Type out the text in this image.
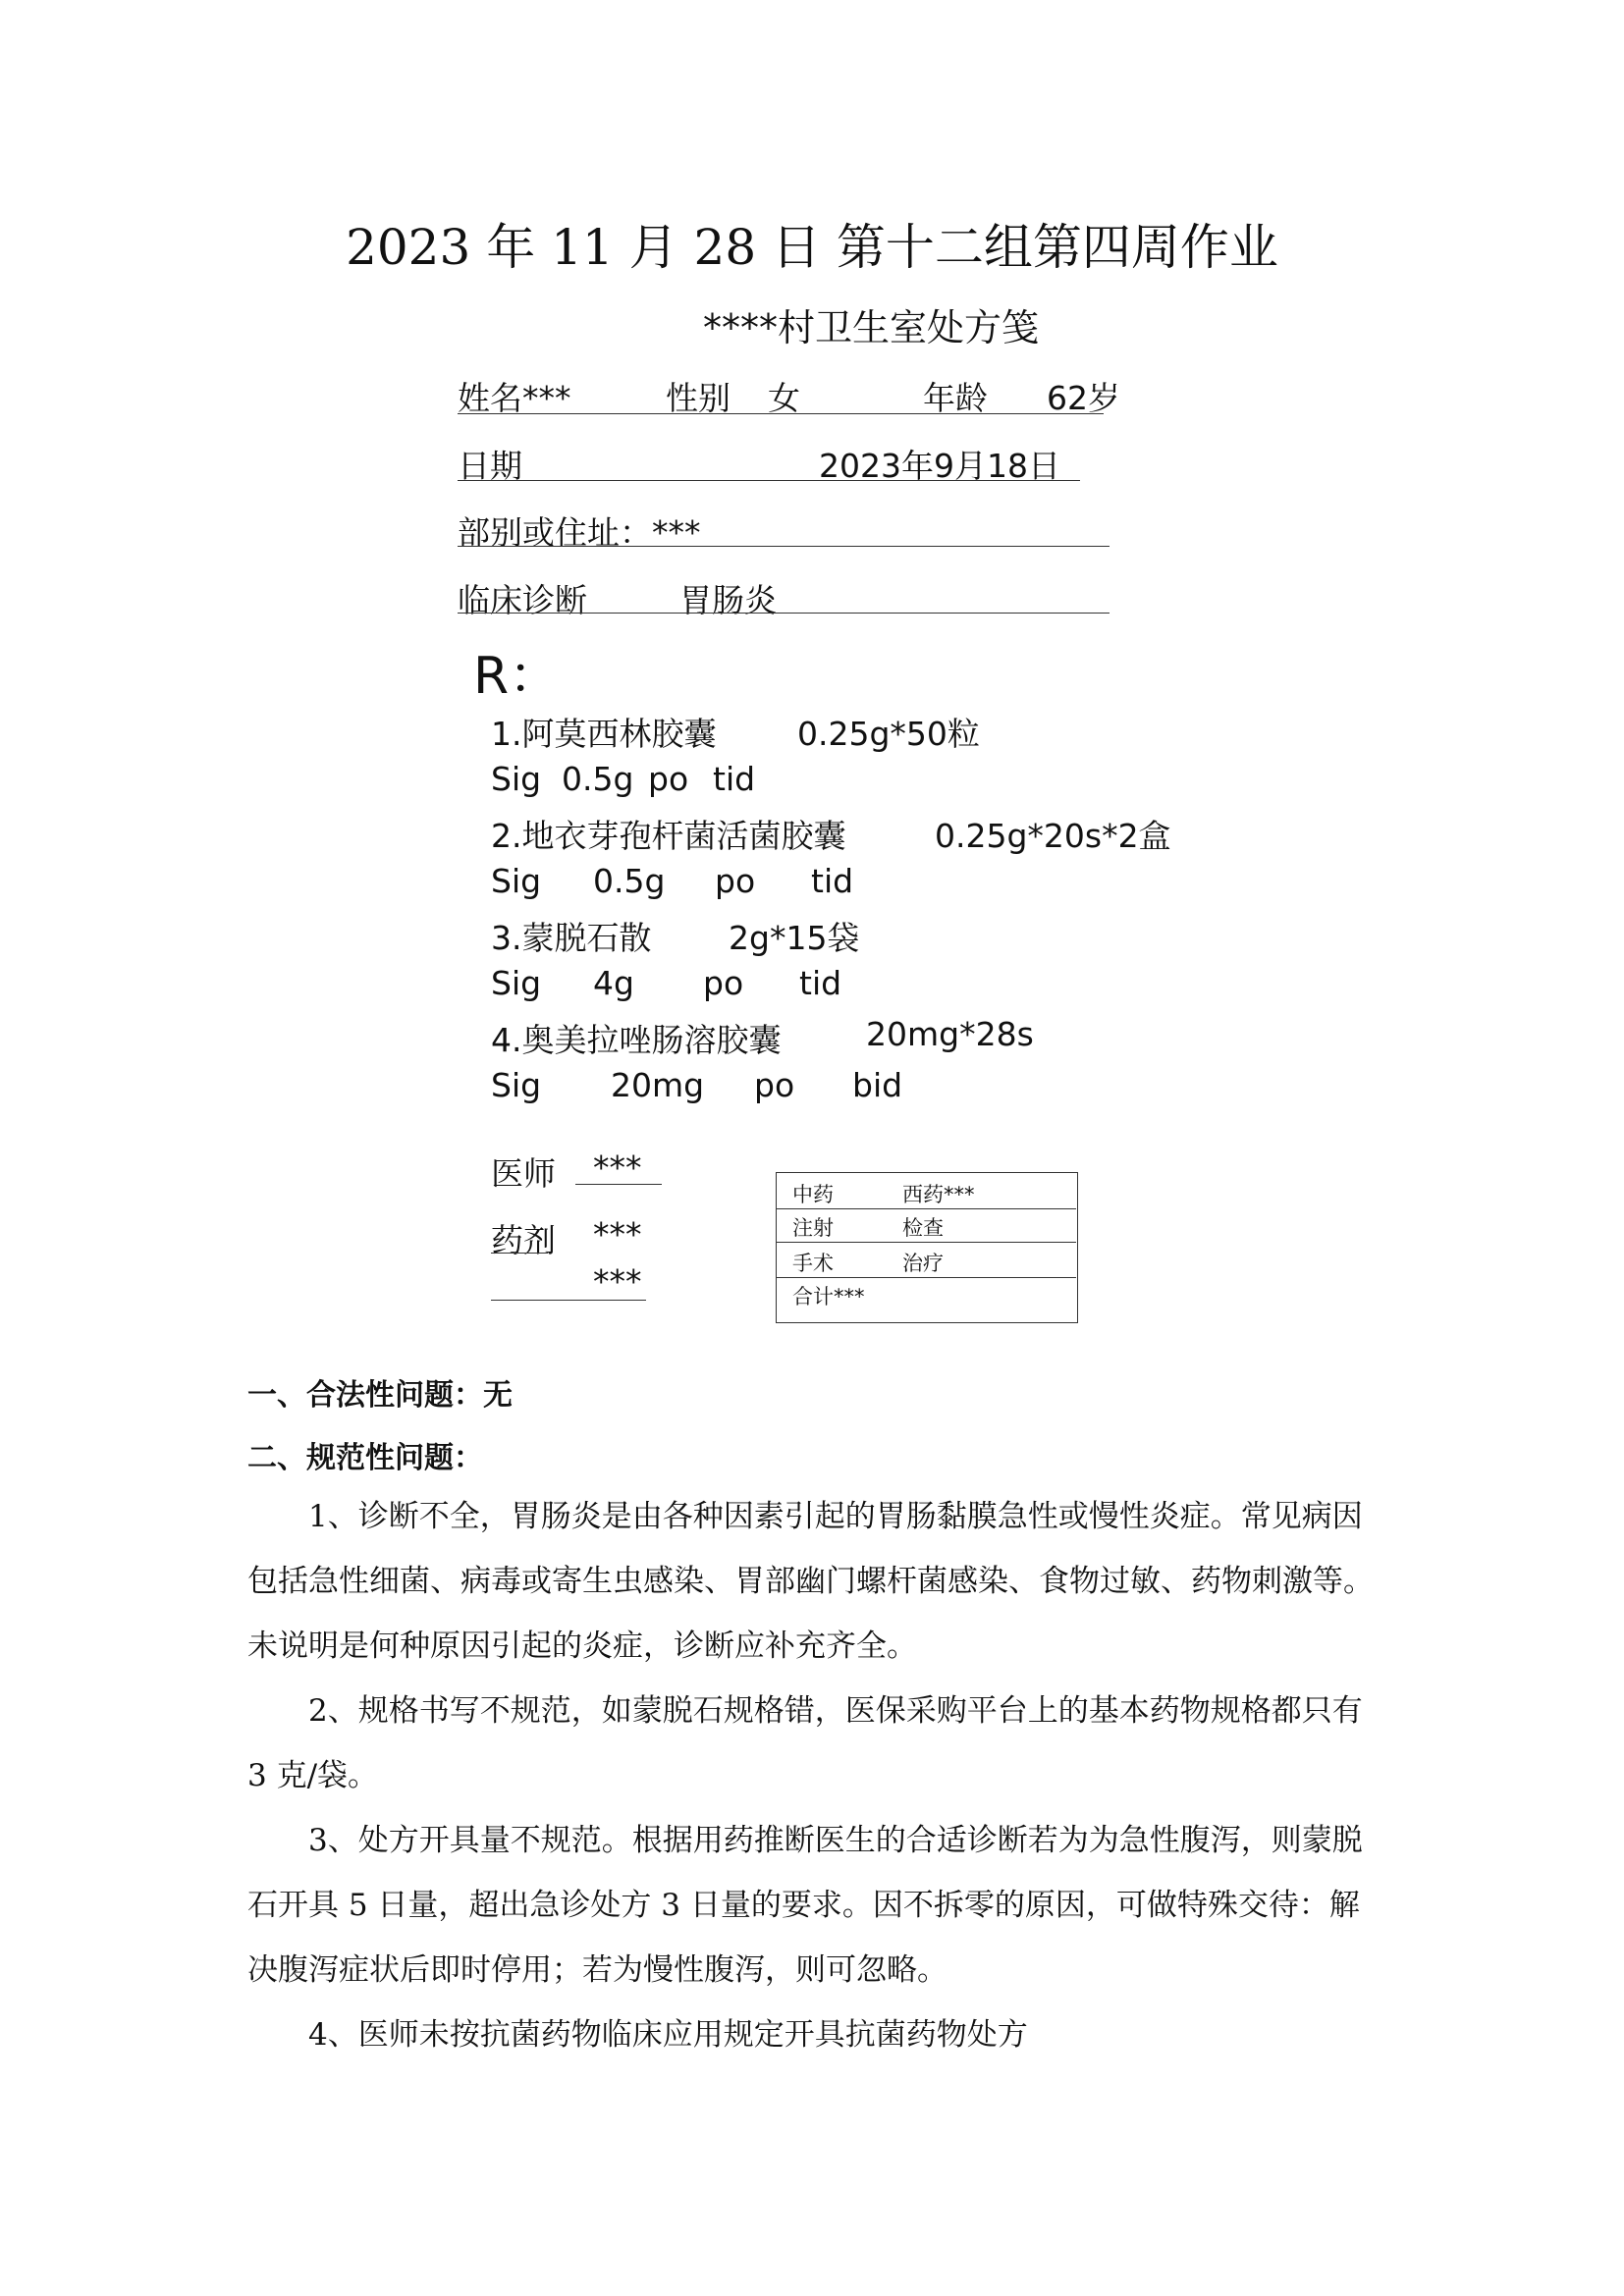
2023 年 11 月 28 日 第十二组第四周作业
****村卫生室处方笺
姓名***	性别 女	年龄 62岁
日期	2023年9月18日
部别或住址：***
临床诊断	胃肠炎
R：
1.阿莫西林胶囊	0.25g*50粒
Sig 0.5g po tid
2.地衣芽孢杆菌活菌胶囊	0.25g*20s*2盒
Sig 0.5g po tid
3.蒙脱石散 2g*15袋
Sig 4g po tid
4.奥美拉唑肠溶胶囊	20mg*28s
Sig 20mg po bid
医师 ***
药剂 ***
***
中药	西药***
注射	检查
手术	治疗
合计***
一、合法性问题：无
二、规范性问题：
1、诊断不全，胃肠炎是由各种因素引起的胃肠黏膜急性或慢性炎症。常见病因包括急性细菌、病毒或寄生虫感染、胃部幽门螺杆菌感染、食物过敏、药物刺激等。未说明是何种原因引起的炎症，诊断应补充齐全。
2、规格书写不规范，如蒙脱石规格错，医保采购平台上的基本药物规格都只有 3 克/袋。
3、处方开具量不规范。根据用药推断医生的合适诊断若为为急性腹泻，则蒙脱石开具 5 日量，超出急诊处方 3 日量的要求。因不拆零的原因，可做特殊交待：解决腹泻症状后即时停用；若为慢性腹泻，则可忽略。
4、医师未按抗菌药物临床应用规定开具抗菌药物处方
